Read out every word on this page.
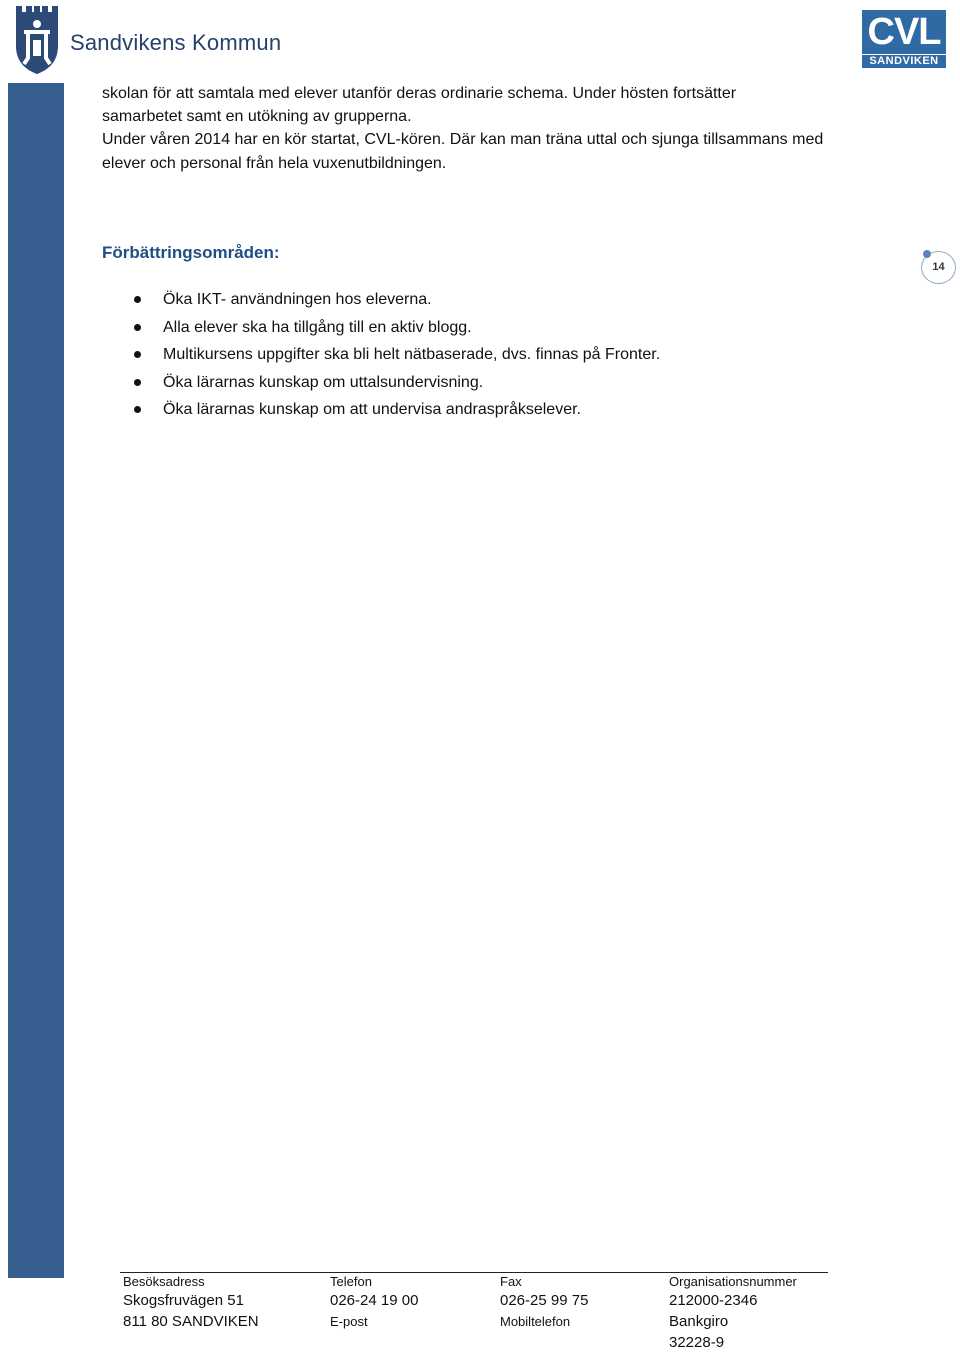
Sandvikens Kommun	CVL
SANDVIKEN

skolan för att samtala med elever utanför deras ordinarie schema. Under hösten fortsätter

samarbetet samt en utökning av grupperna.

Under våren 2014 har en kör startat, CVL-kören. Där kan man träna uttal och sjunga tillsammans med

elever och personal från hela vuxenutbildningen.

Förbättringsområden:
14
Öka IKT- användningen hos eleverna.
Alla elever ska ha tillgång till en aktiv blogg.
Multikursens uppgifter ska bli helt nätbaserade, dvs. finnas på Fronter.
Öka lärarnas kunskap om uttalsundervisning.
Öka lärarnas kunskap om att undervisa andraspråkselever.

Besöksadress

Skogsfruvägen 51

811 80 SANDVIKEN

Telefon

026-24 19 00

E-post

Fax

026-25 99 75

Mobiltelefon

Organisationsnummer

212000-2346

Bankgiro

32228-9
